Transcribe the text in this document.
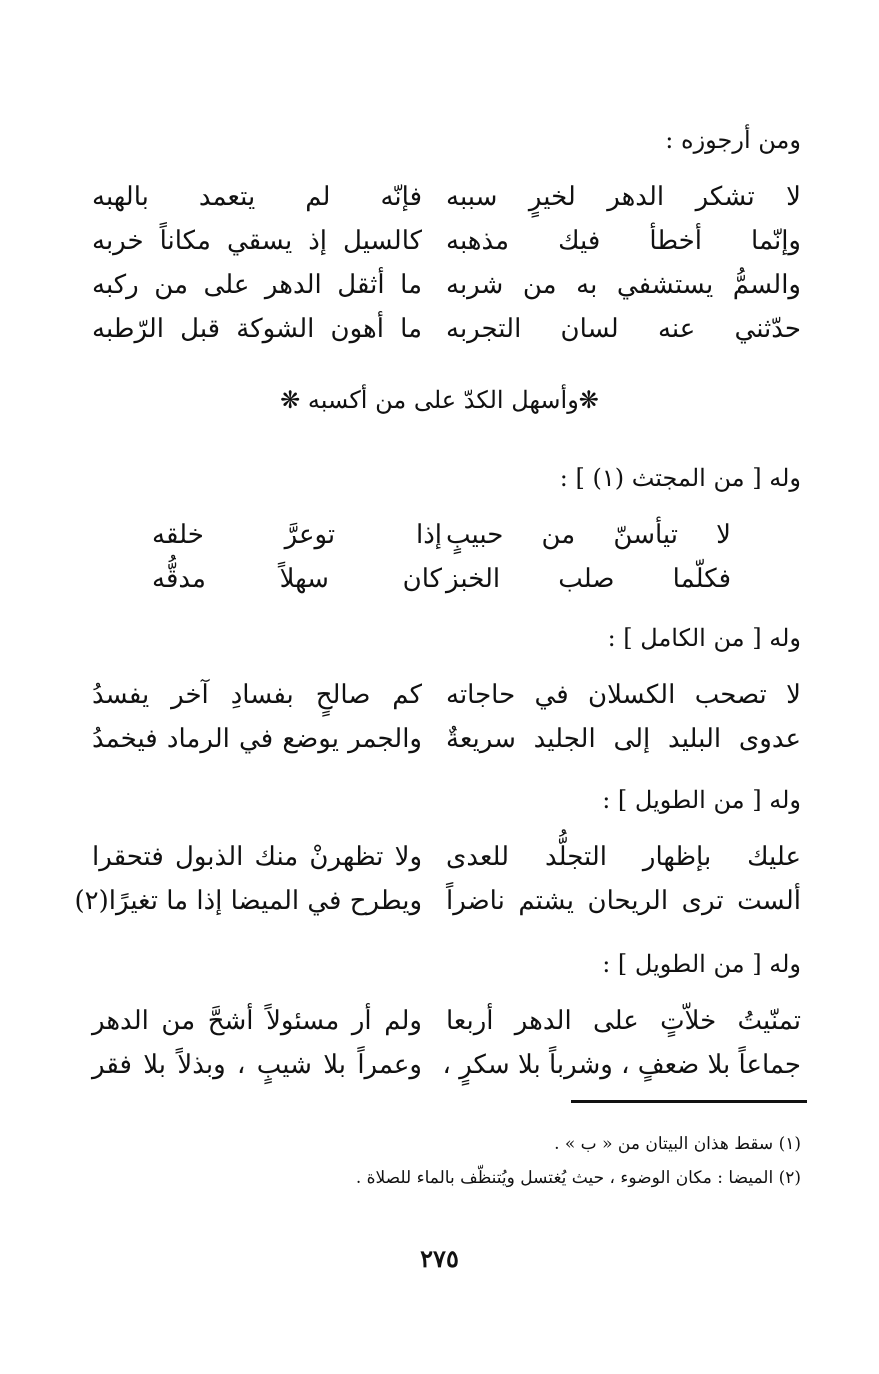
ومن أرجوزه :
لا تشكر الدهر لخيرٍ سببه
فإنّه لم يتعمد بالهبه
وإنّما أخطأ فيك مذهبه
كالسيل إذ يسقي مكاناً خربه
والسمُّ يستشفي به من شربه
ما أثقل الدهر على من ركبه
حدّثني عنه لسان التجربه
ما أهون الشوكة قبل الرّطبه
❋وأسهل الكدّ على من أكسبه ❋
وله [ من المجتث (١) ] :
لا تيأسنّ من حبيبٍ
إذا توعرَّ خلقه
فكلّما صلب الخبز
كان سهلاً مدقُّه
وله [ من الكامل ] :
لا تصحب الكسلان في حاجاته
كم صالحٍ بفسادِ آخر يفسدُ
عدوى البليد إلى الجليد سريعةٌ
والجمر يوضع في الرماد فيخمدُ
وله [ من الطويل ] :
عليك بإظهار التجلُّد للعدى
ولا تظهرنْ منك الذبول فتحقرا
ألست ترى الريحان يشتم ناضراً
ويطرح في الميضا إذا ما تغيرًا(٢)
وله [ من الطويل ] :
تمنّيتُ خلاّتٍ على الدهر أربعا
ولم أر مسئولاً أشحَّ من الدهر
جماعاً بلا ضعفٍ ، وشرباً بلا سكرٍ ،
وعمراً بلا شيبٍ ، وبذلاً بلا فقر
(١) سقط هذان البيتان من « ب » .
(٢) الميضا : مكان الوضوء ، حيث يُغتسل ويُتنظّف بالماء للصلاة .
٢٧٥
